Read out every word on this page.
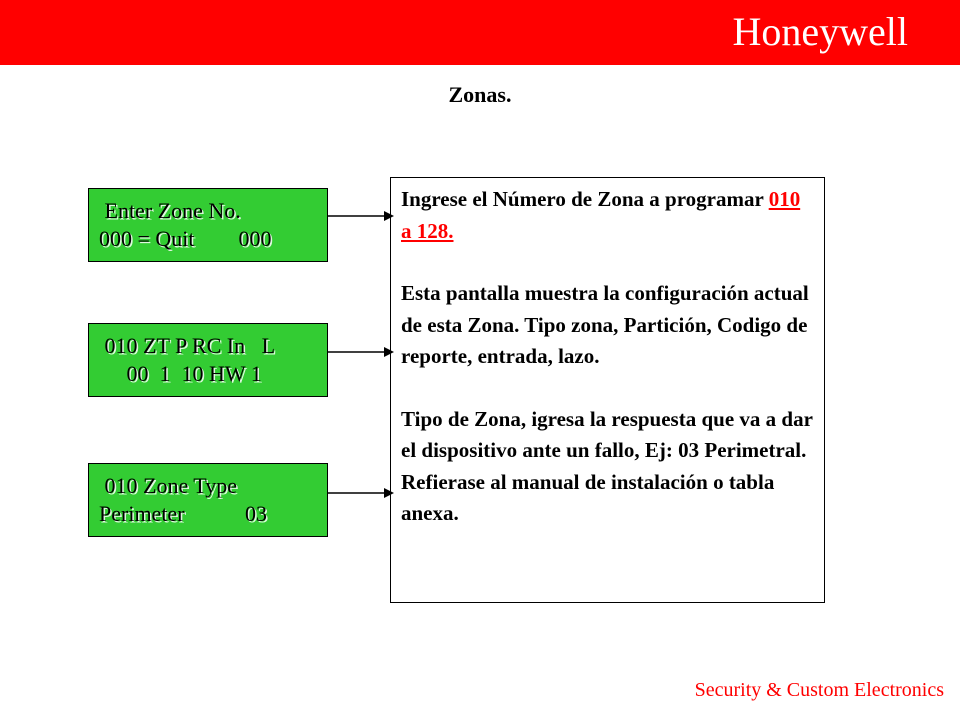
Honeywell
Zonas.
Enter Zone No.
000 = Quit        000
010 ZT P RC In   L
00  1  10 HW 1
010 Zone Type
Perimeter           03

Ingrese el Número de Zona a programar 010 a 128.

Esta pantalla muestra la configuración actual de esta Zona. Tipo zona, Partición, Codigo de reporte, entrada, lazo.

Tipo de Zona, igresa la respuesta que va a dar el dispositivo ante un fallo, Ej: 03 Perimetral.

Refierase al manual de instalación o tabla anexa.

Security & Custom Electronics
